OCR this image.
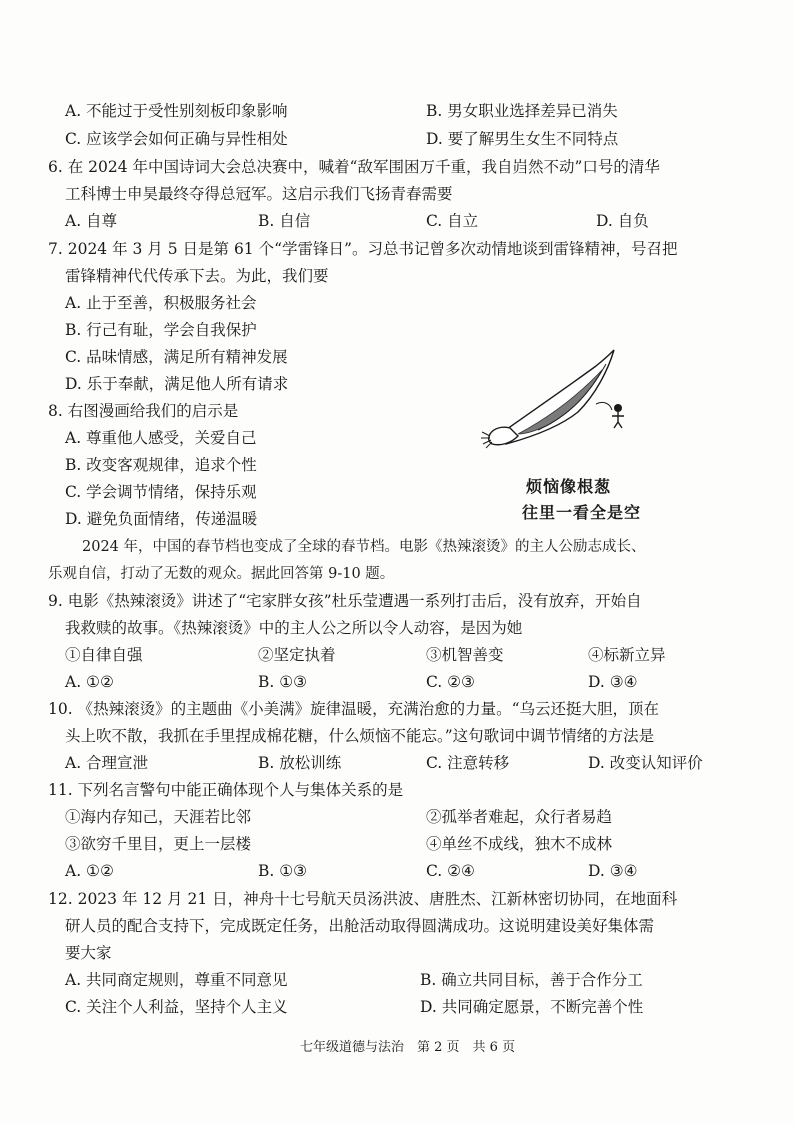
A. 不能过于受性别刻板印象影响	B. 男女职业选择差异已消失
C. 应该学会如何正确与异性相处	D. 要了解男生女生不同特点
6. 在 2024 年中国诗词大会总决赛中，喊着“敌军围困万千重，我自岿然不动”口号的清华
工科博士申昊最终夺得总冠军。这启示我们飞扬青春需要
A. 自尊	B. 自信	C. 自立	D. 自负
7. 2024 年 3 月 5 日是第 61 个“学雷锋日”。习总书记曾多次动情地谈到雷锋精神，号召把
雷锋精神代代传承下去。为此，我们要
A. 止于至善，积极服务社会
B. 行己有耻，学会自我保护
C. 品味情感，满足所有精神发展
D. 乐于奉献，满足他人所有请求
8. 右图漫画给我们的启示是
A. 尊重他人感受，关爱自己
B. 改变客观规律，追求个性
C. 学会调节情绪，保持乐观
D. 避免负面情绪，传递温暖
烦恼像根葱
往里一看全是空
2024 年，中国的春节档也变成了全球的春节档。电影《热辣滚烫》的主人公励志成长、
乐观自信，打动了无数的观众。据此回答第 9-10 题。
9. 电影《热辣滚烫》讲述了“宅家胖女孩”杜乐莹遭遇一系列打击后，没有放弃，开始自
我救赎的故事。《热辣滚烫》中的主人公之所以令人动容，是因为她
①自律自强	②坚定执着	③机智善变	④标新立异
A. ①②	B. ①③	C. ②③	D. ③④
10. 《热辣滚烫》的主题曲《小美满》旋律温暖，充满治愈的力量。“乌云还挺大胆，顶在
头上吹不散，我抓在手里捏成棉花糖，什么烦恼不能忘。”这句歌词中调节情绪的方法是
A. 合理宣泄	B. 放松训练	C. 注意转移	D. 改变认知评价
11. 下列名言警句中能正确体现个人与集体关系的是
①海内存知己，天涯若比邻	②孤举者难起，众行者易趋
③欲穷千里目，更上一层楼	④单丝不成线，独木不成林
A. ①②	B. ①③	C. ②④	D. ③④
12. 2023 年 12 月 21 日，神舟十七号航天员汤洪波、唐胜杰、江新林密切协同，在地面科
研人员的配合支持下，完成既定任务，出舱活动取得圆满成功。这说明建设美好集体需
要大家
A. 共同商定规则，尊重不同意见	B. 确立共同目标，善于合作分工
C. 关注个人利益，坚持个人主义	D. 共同确定愿景，不断完善个性
七年级道德与法治　第 2 页　共 6 页
